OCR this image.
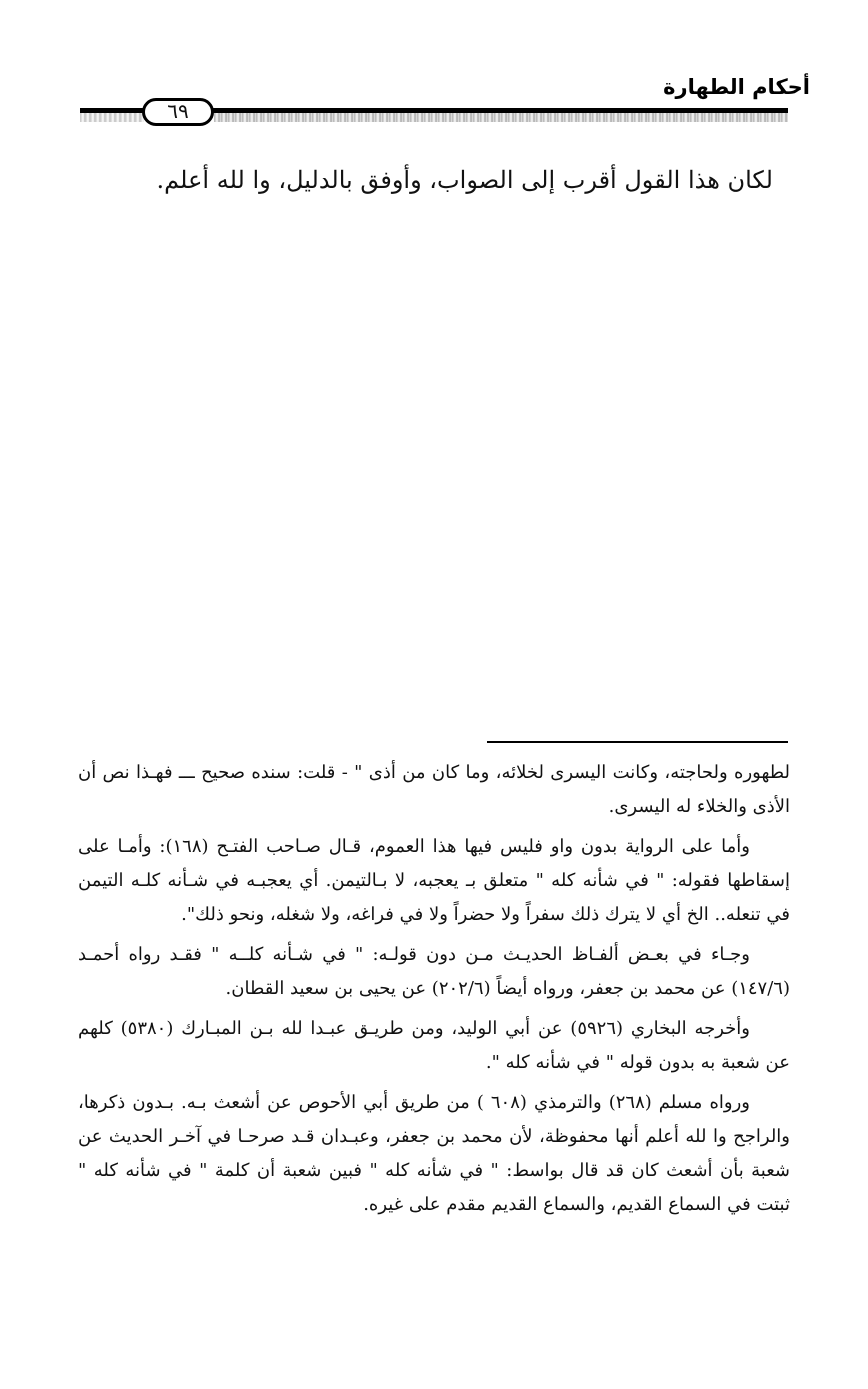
أحكام الطهارة
٦٩

لكان هذا القول أقرب إلى الصواب، وأوفق بالدليل، وا لله أعلم.

لطهوره ولحاجته، وكانت اليسرى لخلائه، وما كان من أذى " - قلت: سنده صحيح ـــ فهـذا نص أن الأذى والخلاء له اليسرى.

وأما على الرواية بدون واو فليس فيها هذا العموم، قـال صـاحب الفتـح (١٦٨): وأمـا على إسقاطها فقوله: " في شأنه كله " متعلق بـ يعجبه، لا بـالتيمن. أي يعجبـه في شـأنه كلـه التيمن في تنعله.. الخ أي لا يترك ذلك سفراً ولا حضراً ولا في فراغه، ولا شغله، ونحو ذلك".

وجـاء في بعـض ألفـاظ الحديـث مـن دون قولـه: " في شـأنه كلــه " فقـد رواه أحمـد (١٤٧/٦) عن محمد بن جعفر، ورواه أيضاً (٢٠٢/٦) عن يحيى بن سعيد القطان.

وأخرجه البخاري (٥٩٢٦) عن أبي الوليد، ومن طريـق عبـدا لله بـن المبـارك (٥٣٨٠) كلهم عن شعبة به بدون قوله " في شأنه كله ".

ورواه مسلم (٢٦٨) والترمذي (٦٠٨ ) من طريق أبي الأحوص عن أشعث بـه. بـدون ذكرها، والراجح وا لله أعلم أنها محفوظة، لأن محمد بن جعفر، وعبـدان قـد صرحـا في آخـر الحديث عن شعبة بأن أشعث كان قد قال بواسط: " في شأنه كله " فبين شعبة أن كلمة " في شأنه كله " ثبتت في السماع القديم، والسماع القديم مقدم على غيره.
